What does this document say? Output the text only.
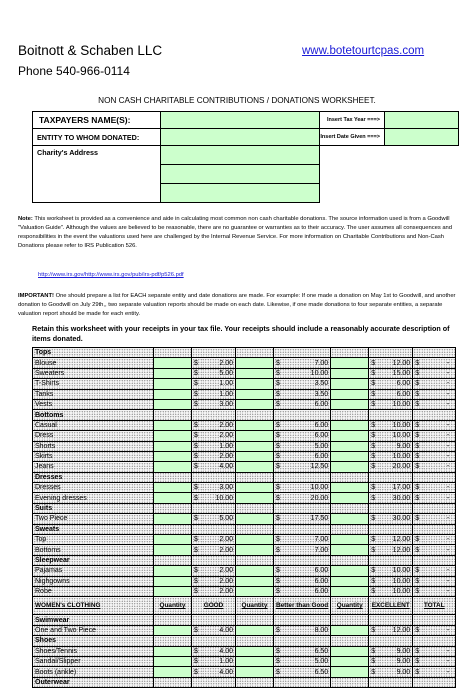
Boitnott & Schaben LLC
Phone 540-966-0114
www.botetourtcpas.com
NON CASH CHARITABLE CONTRIBUTIONS / DONATIONS WORKSHEET.
TAXPAYERS NAME(S):		Insert Tax Year ===>	
ENTITY TO WHOM DONATED:		Insert Date Given ===>	
Charity's Address			

Note: This worksheet is provided as a convenience and aide in calculating most common non cash charitable donations. The source information used is from a Goodwill "Valuation Guide". Although the values are believed to be reasonable, there are no guarantee or warranties as to their accuracy. The user assumes all consequences and responsibilities in the event the valuations used here are challenged by the Internal Revenue Service. For more information on Charitable Contributions and Non-Cash Donations please refer to IRS Publication 526.
http://www.irs.gov/http://www.irs.gov/pub/irs-pdf/p526.pdf
IMPORTANT! One should prepare a list for EACH separate entity and date donations are made. For example: If one made a donation on May 1st to Goodwill, and another donation to Goodwill on July 29th,, two separate valuation reports should be made on each date. Likewise, if one made donations to four separate entities, a separate valuation report should be made for each entity.
Retain this worksheet with your receipts in your tax file. Your receipts should include a reasonably accurate description of items donated.
Tops											
Blouse		$	2.00		$	7.00		$	12.00	$	-
Sweaters		$	5.00		$	10.00		$	15.00	$	-
T-Shirts		$	1.00		$	3.50		$	6.00	$	-
Tanks		$	1.00		$	3.50		$	6.00	$	-
Vests		$	3.00		$	6.00		$	10.00	$	-
Bottoms											
Casual		$	2.00		$	6.00		$	10.00	$	-
Dress		$	2.00		$	6.00		$	10.00	$	-
Shorts		$	1.00		$	5.00		$	9.00	$	-
Skirts		$	2.00		$	6.00		$	10.00	$	-
Jeans		$	4.00		$	12.50		$	20.00	$	-
Dresses											
Dresses		$	3.00		$	10.00		$	17.00	$	-
Evening dresses		$	10.00		$	20.00		$	30.00	$	-
Suits											
Two Piece		$	5.00		$	17.50		$	30.00	$	-
Sweats											
Top		$	2.00		$	7.00		$	12.00	$	-
Bottoms		$	2.00		$	7.00		$	12.00	$	-
Sleepwear											
Pajamas		$	2.00		$	6.00		$	10.00	$	-
Nighgowns		$	2.00		$	6.00		$	10.00	$	-
Robe		$	2.00		$	6.00		$	10.00	$	-
WOMEN's CLOTHING	Quantity	GOOD		Quantity	Better than Good		Quantity	EXCELLENT		TOTAL	
Swimwear											
One and Two Piece		$	4.00		$	8.00		$	12.00	$	-
Shoes											
Shoes/Tennis		$	4.00		$	6.50		$	9.00	$	-
Sandal/Slipper		$	1.00		$	5.00		$	9.00	$	-
Boots (ankle)		$	4.00		$	6.50		$	9.00	$	-
Outerwear											
